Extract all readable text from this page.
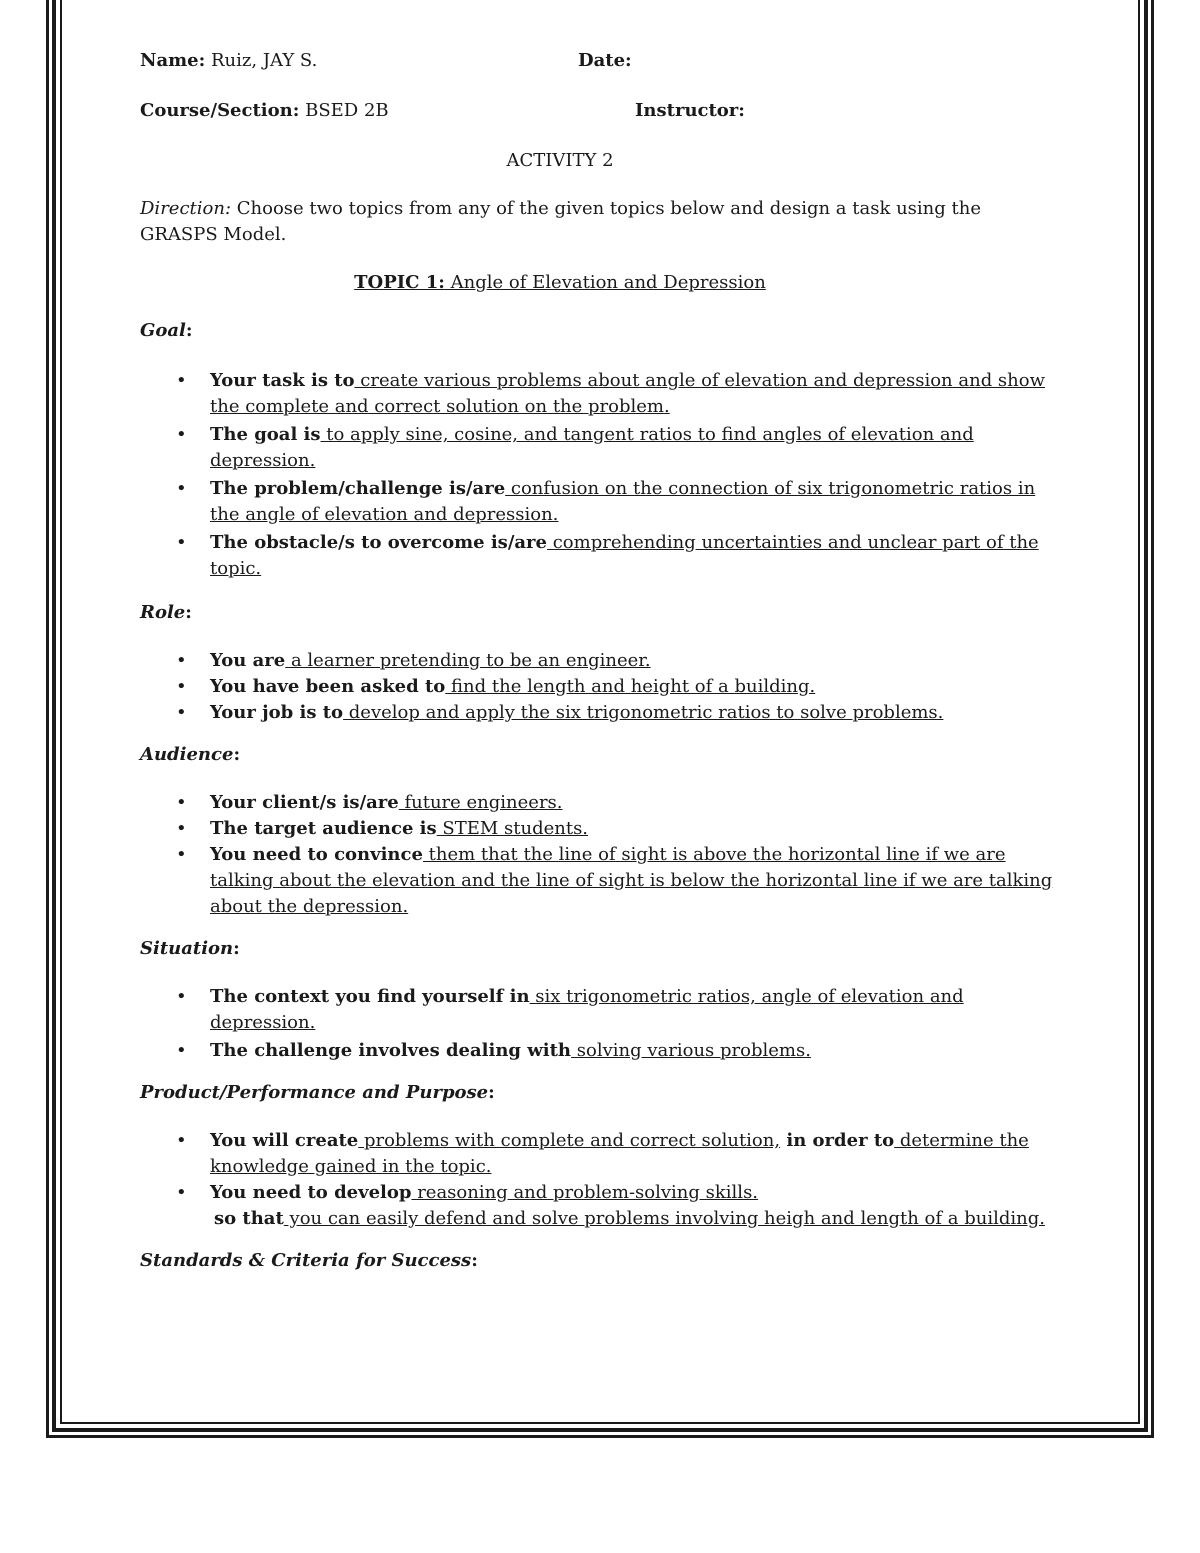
Name: Ruiz, JAY S.	Date:
Course/Section: BSED 2B	Instructor:
ACTIVITY 2
Direction: Choose two topics from any of the given topics below and design a task using the GRASPS Model.
TOPIC 1: Angle of Elevation and Depression
Goal:
• Your task is to create various problems about angle of elevation and depression and show the complete and correct solution on the problem.
• The goal is to apply sine, cosine, and tangent ratios to find angles of elevation and depression.
• The problem/challenge is/are confusion on the connection of six trigonometric ratios in the angle of elevation and depression.
• The obstacle/s to overcome is/are comprehending uncertainties and unclear part of the topic.
Role:
• You are a learner pretending to be an engineer.
• You have been asked to find the length and height of a building.
• Your job is to develop and apply the six trigonometric ratios to solve problems.
Audience:
• Your client/s is/are future engineers.
• The target audience is STEM students.
• You need to convince them that the line of sight is above the horizontal line if we are talking about the elevation and the line of sight is below the horizontal line if we are talking about the depression.
Situation:
• The context you find yourself in six trigonometric ratios, angle of elevation and depression.
• The challenge involves dealing with solving various problems.
Product/Performance and Purpose:
• You will create problems with complete and correct solution, in order to determine the knowledge gained in the topic.
• You need to develop reasoning and problem-solving skills.
so that you can easily defend and solve problems involving heigh and length of a building.
Standards & Criteria for Success:
